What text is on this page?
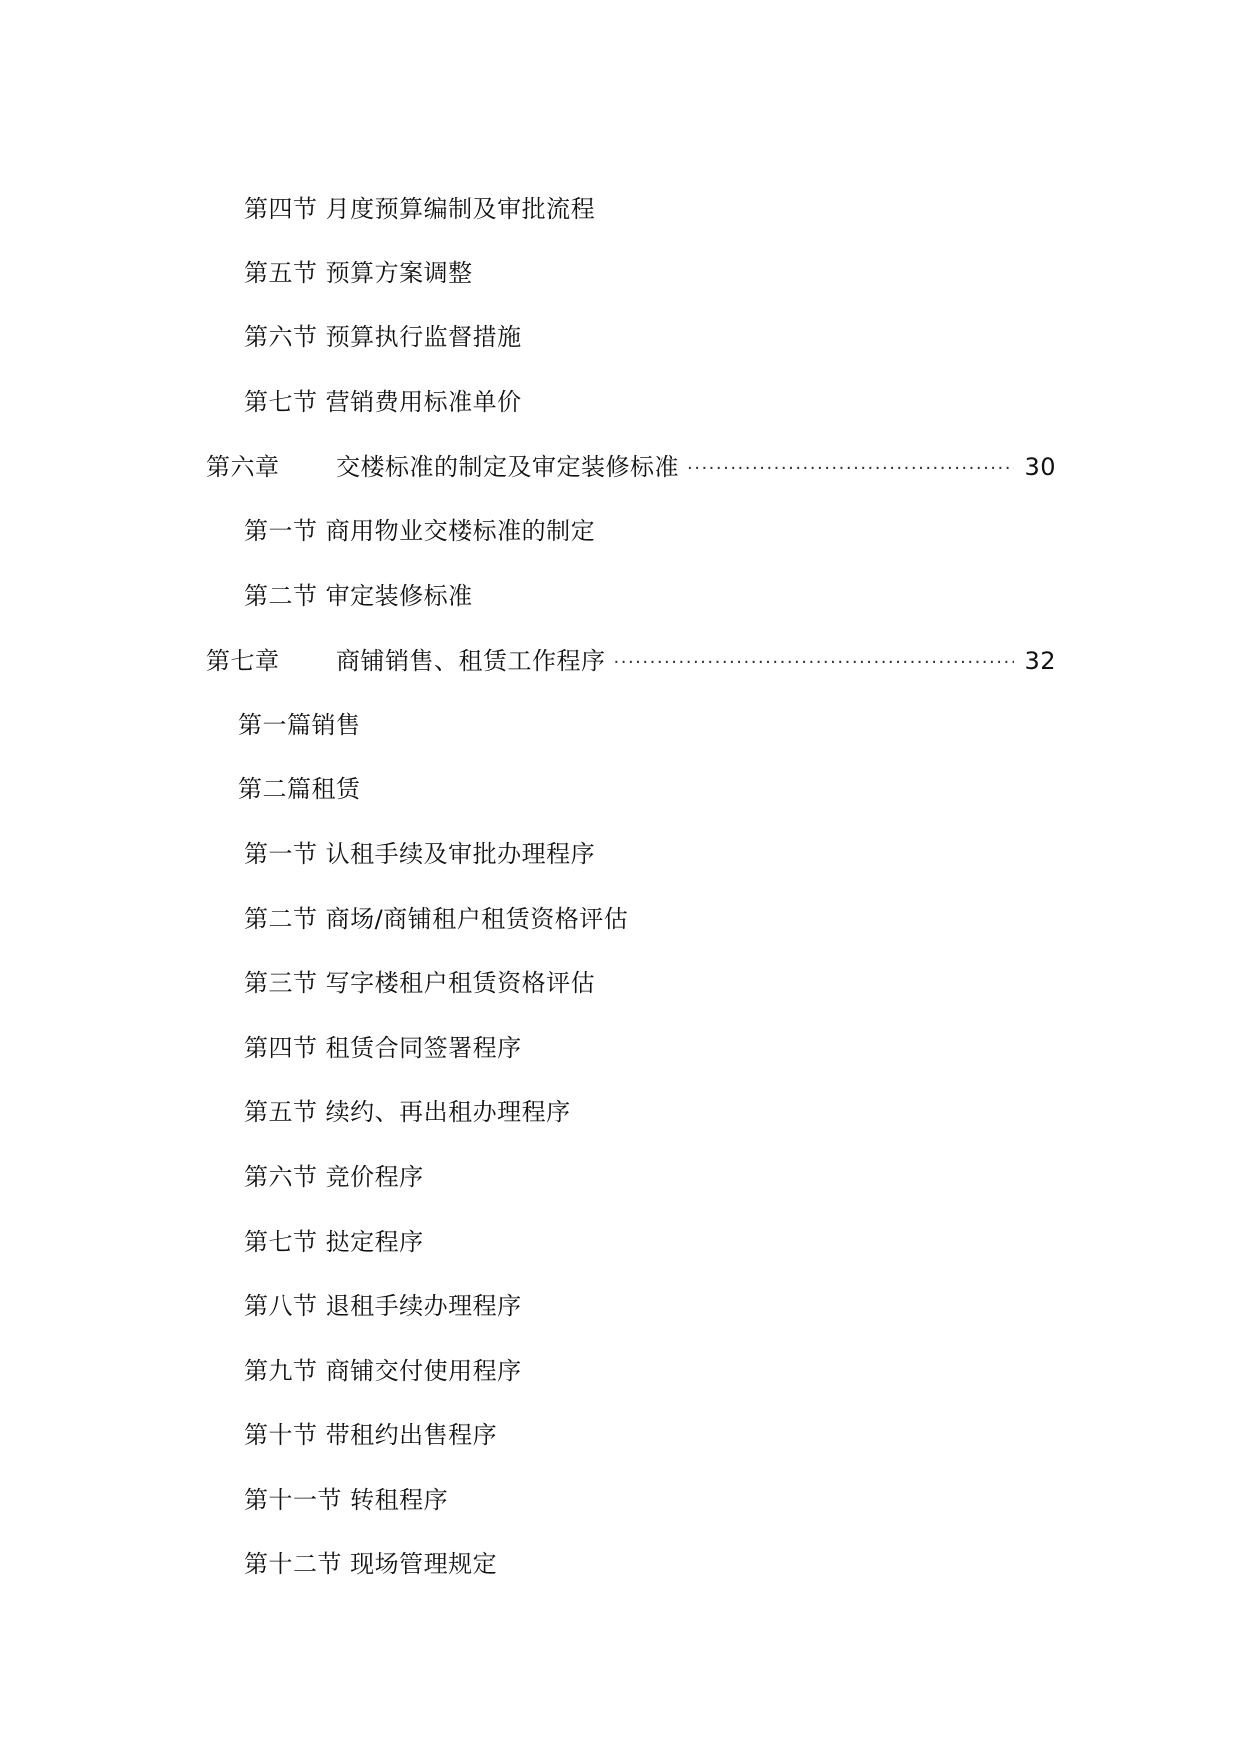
第四节 月度预算编制及审批流程
第五节 预算方案调整
第六节 预算执行监督措施
第七节 营销费用标准单价
第六章	交楼标准的制定及审定装修标准 ·····	30
第一节 商用物业交楼标准的制定
第二节 审定装修标准
第七章	商铺销售、租赁工作程序 ·····	32
第一篇销售
第二篇租赁
第一节 认租手续及审批办理程序
第二节 商场/商铺租户租赁资格评估
第三节 写字楼租户租赁资格评估
第四节 租赁合同签署程序
第五节 续约、再出租办理程序
第六节 竞价程序
第七节 挞定程序
第八节 退租手续办理程序
第九节 商铺交付使用程序
第十节 带租约出售程序
第十一节 转租程序
第十二节 现场管理规定
